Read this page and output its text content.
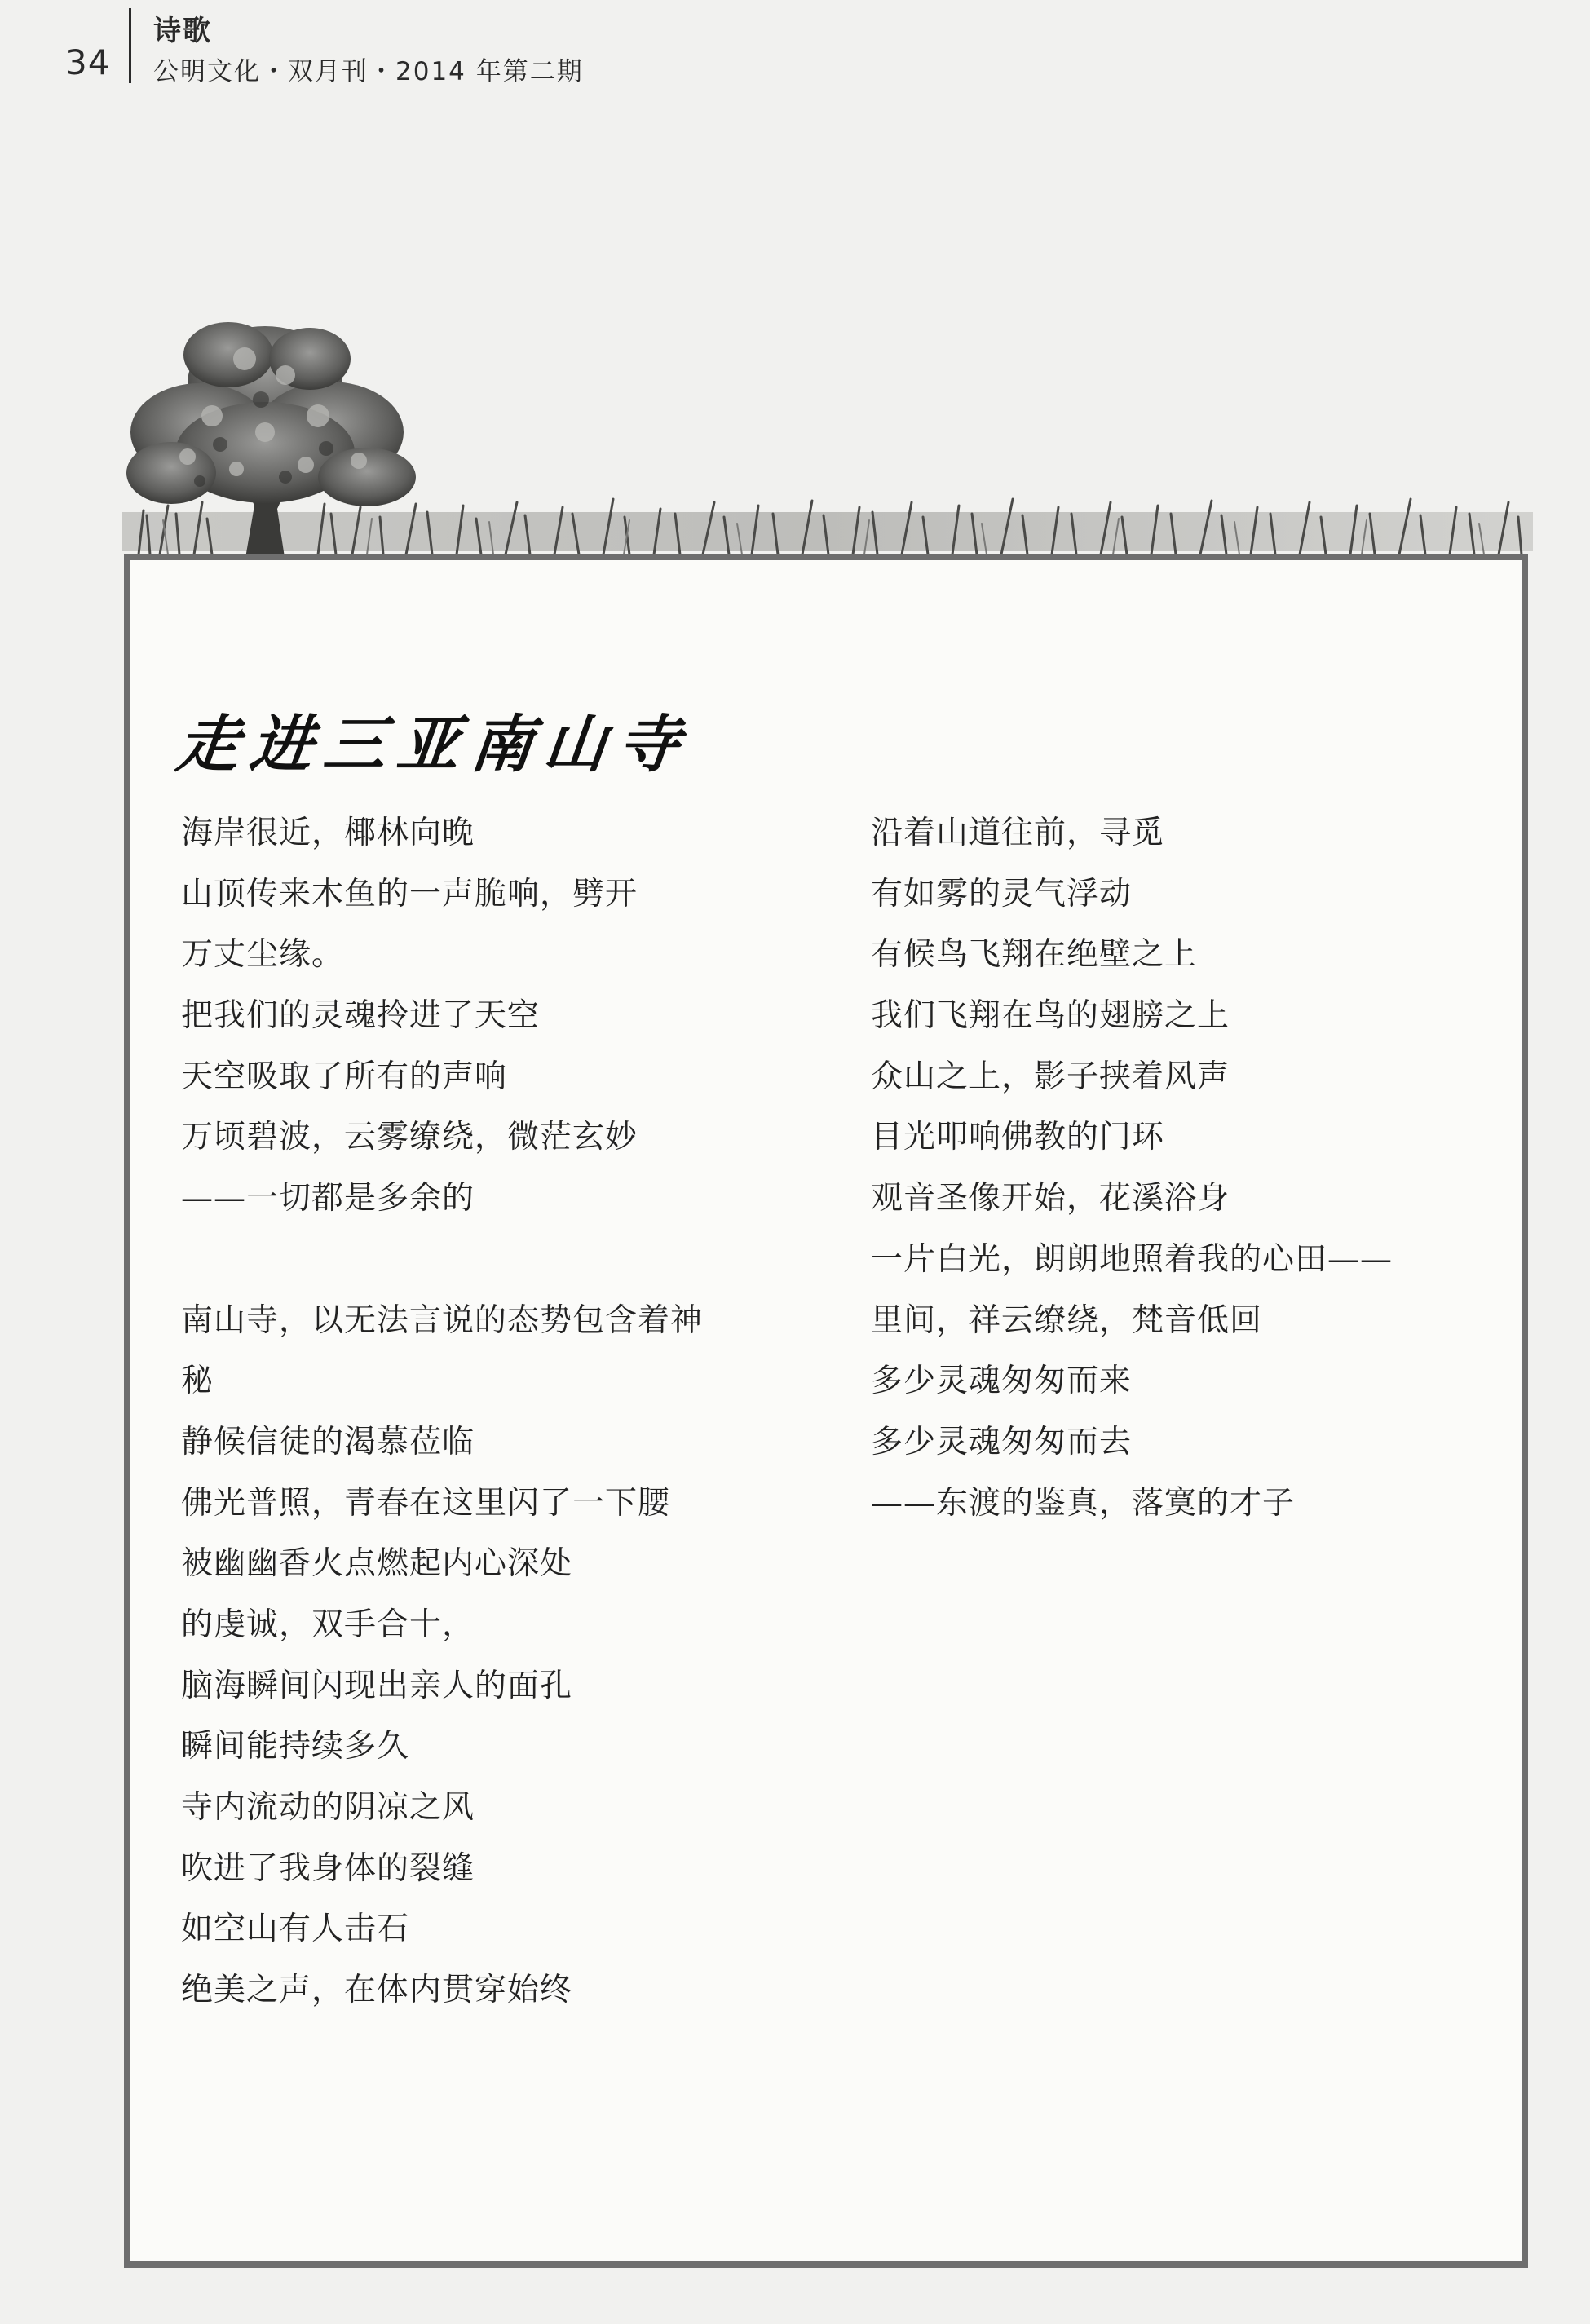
34
诗歌
公明文化・双月刊・2014 年第二期
走进三亚南山寺
海岸很近，椰林向晚
山顶传来木鱼的一声脆响，劈开
万丈尘缘。
把我们的灵魂拎进了天空
天空吸取了所有的声响
万顷碧波，云雾缭绕，微茫玄妙
——一切都是多余的
南山寺，以无法言说的态势包含着神
秘
静候信徒的渴慕莅临
佛光普照，青春在这里闪了一下腰
被幽幽香火点燃起内心深处
的虔诚，双手合十，
脑海瞬间闪现出亲人的面孔
瞬间能持续多久
寺内流动的阴凉之风
吹进了我身体的裂缝
如空山有人击石
绝美之声，在体内贯穿始终
沿着山道往前，寻觅
有如雾的灵气浮动
有候鸟飞翔在绝壁之上
我们飞翔在鸟的翅膀之上
众山之上，影子挟着风声
目光叩响佛教的门环
观音圣像开始，花溪浴身
一片白光，朗朗地照着我的心田——
里间，祥云缭绕，梵音低回
多少灵魂匆匆而来
多少灵魂匆匆而去
——东渡的鉴真，落寞的才子
